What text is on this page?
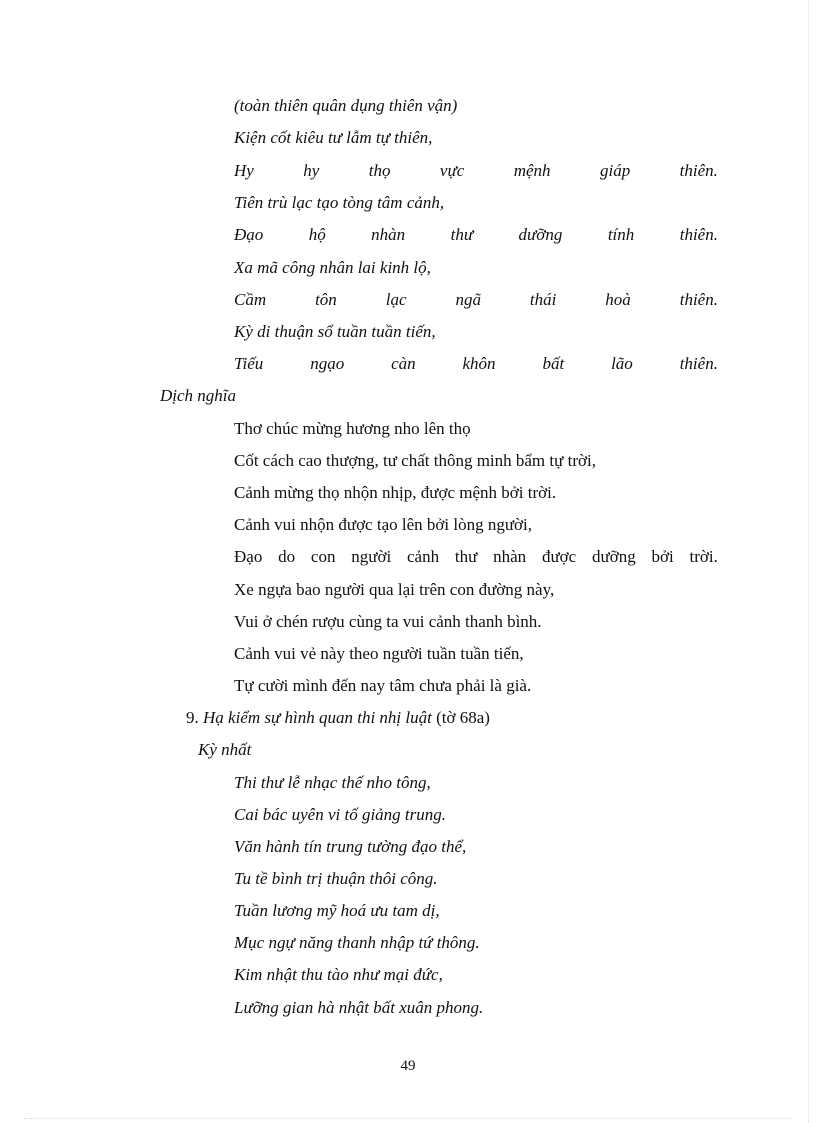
(toàn thiên quân dụng thiên vận)
Kiện cốt kiêu tư lẫm tự thiên,
Hy	hy	thọ	vực	mệnh	giáp	thiên.
Tiên trù lạc tạo tòng tâm cảnh,
Đạo	hộ	nhàn	thư	dưỡng	tính	thiên.
Xa mã công nhân lai kinh lộ,
Cầm	tôn	lạc	ngã	thái	hoà	thiên.
Kỳ di thuận sổ tuần tuần tiến,
Tiếu	ngạo	càn	khôn	bất	lão	thiên.
Dịch nghĩa
Thơ chúc mừng hương nho lên thọ
Cốt cách cao thượng, tư chất thông minh bẩm tự trời,
Cảnh mừng thọ nhộn nhịp, được mệnh bởi trời.
Cảnh vui nhộn được tạo lên bởi lòng người,
Đạo do con người cảnh thư nhàn được dưỡng bởi trời.
Xe ngựa bao người qua lại trên con đường này,
Vui ở chén rượu cùng ta vui cảnh thanh bình.
Cảnh vui vẻ này theo người tuần tuần tiến,
Tự cười mình đến nay tâm chưa phải là già.
9. Hạ kiểm sự hình quan thi nhị luật (tờ 68a)
Kỳ nhất
Thi thư lễ nhạc thế nho tông,
Cai bác uyên vi tố giảng trung.
Văn hành tín trung tường đạo thể,
Tu tề bình trị thuận thôi công.
Tuần lương mỹ hoá ưu tam dị,
Mục ngự năng thanh nhập tứ thông.
Kim nhật thu tào như mại đức,
Lưỡng gian hà nhật bất xuân phong.
49
